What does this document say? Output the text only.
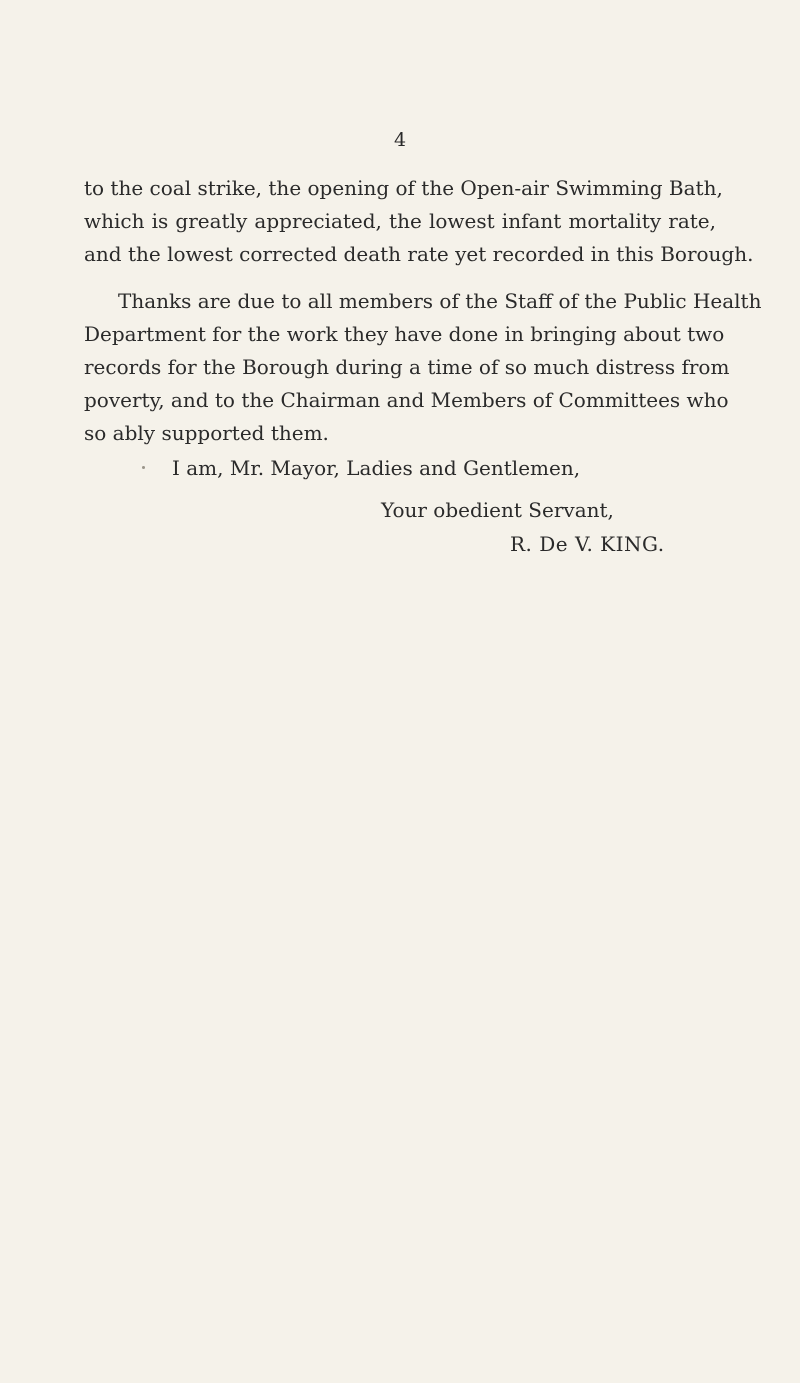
4

to the coal strike, the opening of the Open-air Swimming Bath,
which is greatly appreciated, the lowest infant mortality rate,
and the lowest corrected death rate yet recorded in this Borough.

Thanks are due to all members of the Staff of the Public Health
Department for the work they have done in bringing about two
records for the Borough during a time of so much distress from
poverty, and to the Chairman and Members of Committees who
so ably supported them.

I am, Mr. Mayor, Ladies and Gentlemen,
Your obedient Servant,
R. De V. KING.
